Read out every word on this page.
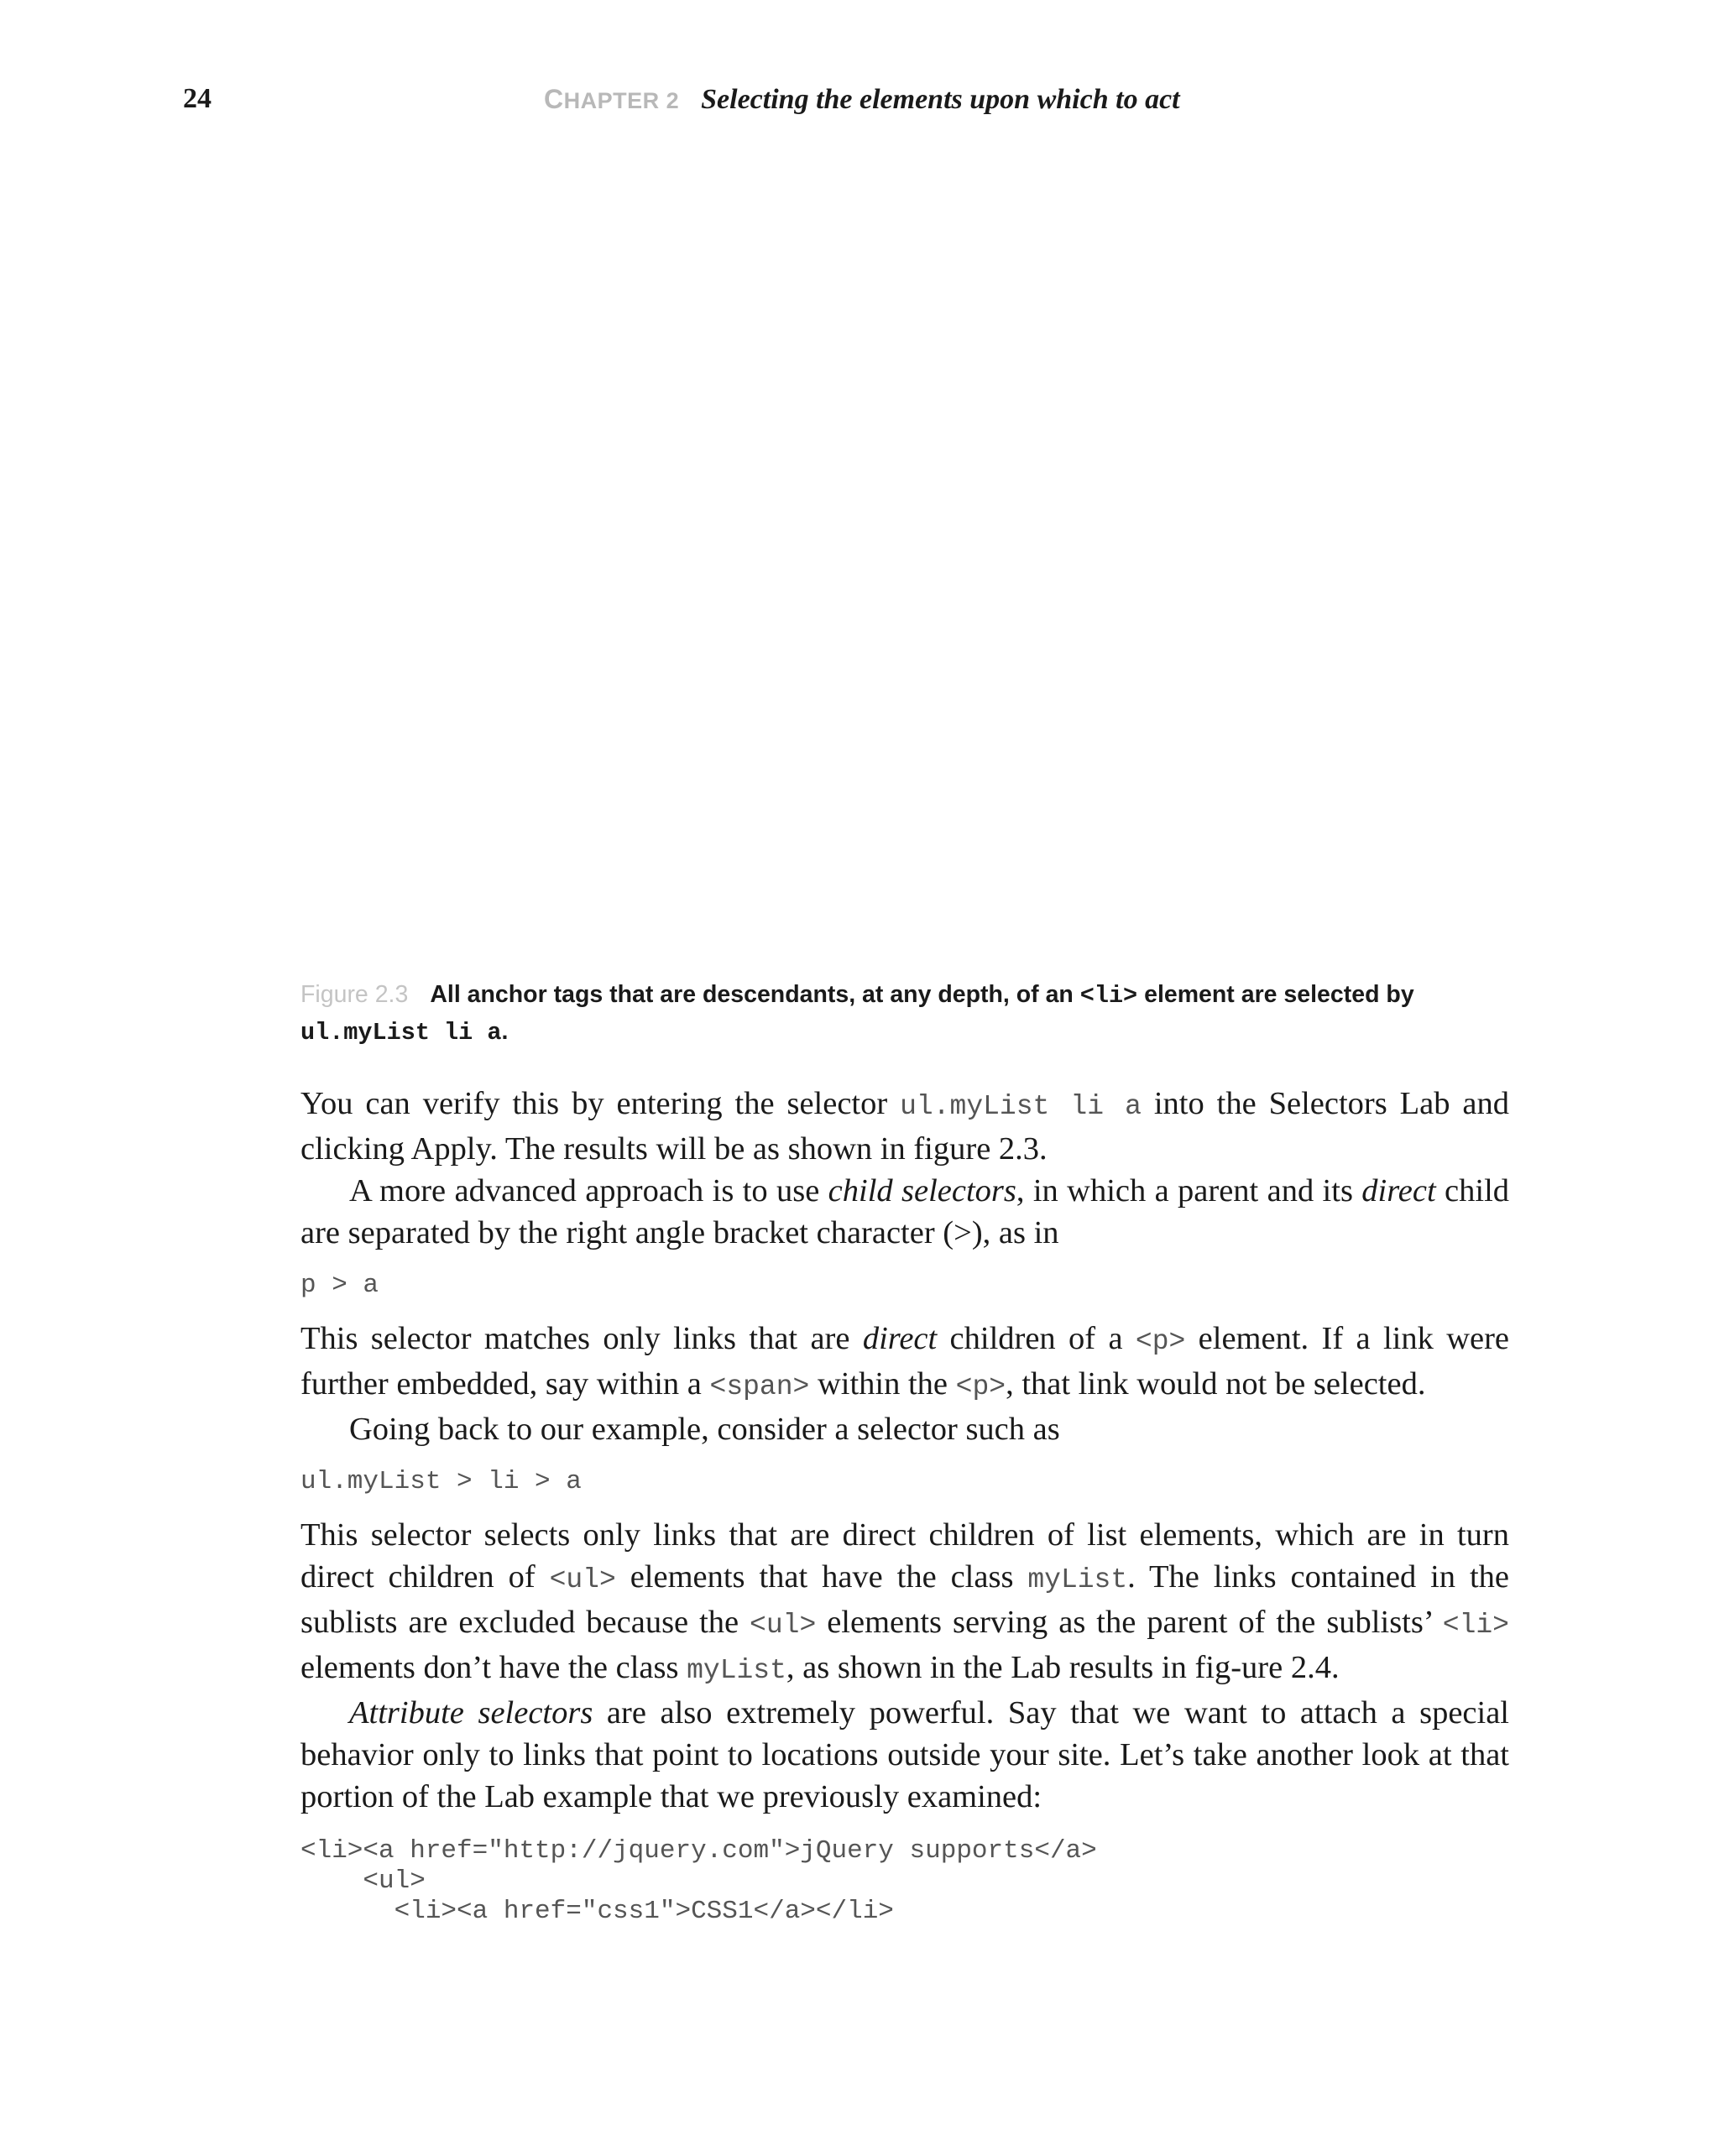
24	CHAPTER 2 Selecting the elements upon which to act
Figure 2.3 All anchor tags that are descendants, at any depth, of an <li> element are selected by
ul.myList li a.

You can verify this by entering the selector ul.myList li a into the Selectors Lab and clicking Apply. The results will be as shown in figure 2.3.

A more advanced approach is to use child selectors, in which a parent and its direct child are separated by the right angle bracket character (>), as in

p > a

This selector matches only links that are direct children of a <p> element. If a link were further embedded, say within a <span> within the <p>, that link would not be selected.

Going back to our example, consider a selector such as

ul.myList > li > a

This selector selects only links that are direct children of list elements, which are in turn direct children of <ul> elements that have the class myList. The links contained in the sublists are excluded because the <ul> elements serving as the parent of the sublists’ <li> elements don’t have the class myList, as shown in the Lab results in fig-ure 2.4.

Attribute selectors are also extremely powerful. Say that we want to attach a special behavior only to links that point to locations outside your site. Let’s take another look at that portion of the Lab example that we previously examined:

<li><a href="http://jquery.com">jQuery supports</a>
<ul>
<li><a href="css1">CSS1</a></li>
